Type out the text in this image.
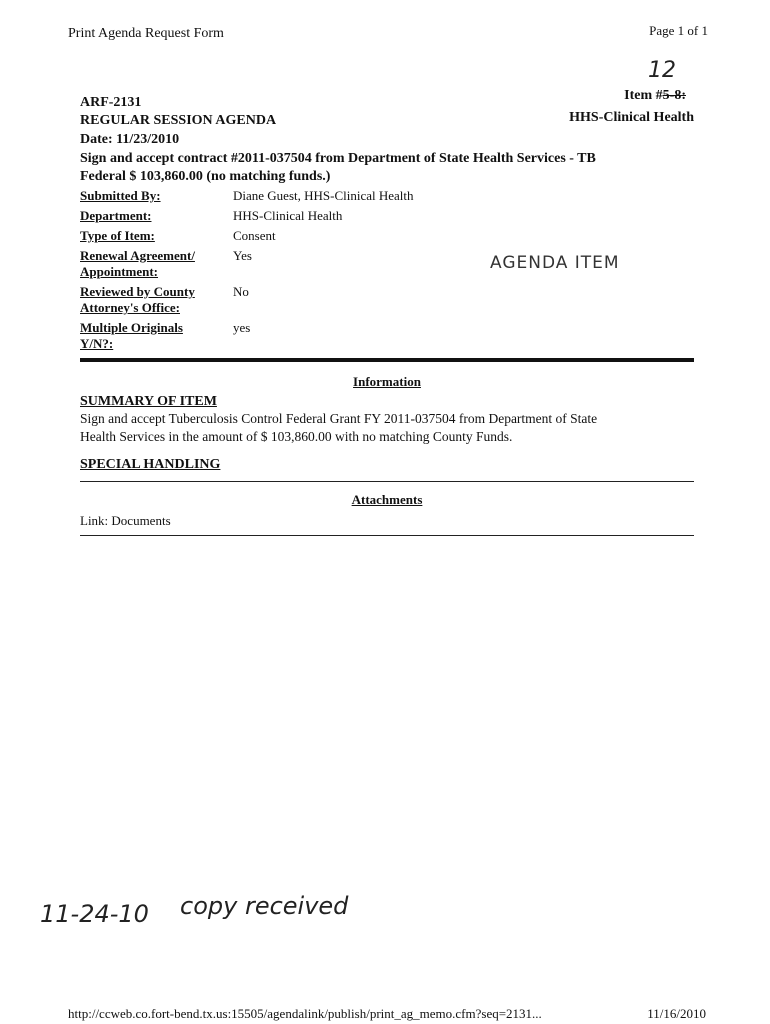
Print Agenda Request Form	Page 1 of 1
12
ARF-2131	Item #5-8:
REGULAR SESSION AGENDA	HHS-Clinical Health
Date: 11/23/2010
Sign and accept contract #2011-037504 from Department of State Health Services - TB
Federal $ 103,860.00 (no matching funds.)
Submitted By:	Diane Guest, HHS-Clinical Health
Department:	HHS-Clinical Health
Type of Item:	Consent
Renewal Agreement/
Appointment:
Yes	AGENDA ITEM
Reviewed by County
Attorney's Office:
No
Multiple Originals
Y/N?:
yes
Information
SUMMARY OF ITEM
Sign and accept Tuberculosis Control Federal Grant FY 2011-037504 from Department of State
Health Services in the amount of $ 103,860.00 with no matching County Funds.
SPECIAL HANDLING
Attachments
Link: Documents
11-24-10 copy received
http://ccweb.co.fort-bend.tx.us:15505/agendalink/publish/print_ag_memo.cfm?seq=2131...	11/16/2010
